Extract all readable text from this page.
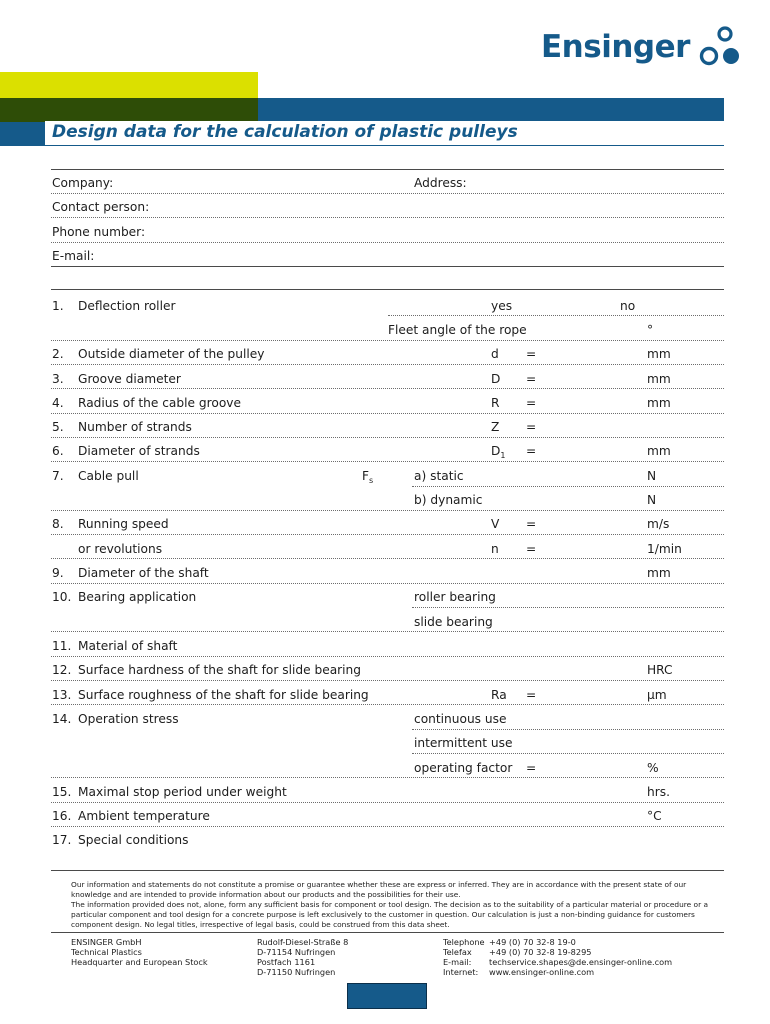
Ensinger
Design data for the calculation of plastic pulleys
Company:	Address:
Contact person:
Phone number:
E-mail:
1. Deflection roller	yes	no
Fleet angle of the rope	°
2. Outside diameter of the pulley	d =	mm
3. Groove diameter	D =	mm
4. Radius of the cable groove	R =	mm
5. Number of strands	Z =
6. Diameter of strands	$D_1$ =	mm
7. Cable pull	$F_s$	a) static	N
b) dynamic	N
8. Running speed	V =	m/s
or revolutions	n =	1/min
9. Diameter of the shaft	mm
10. Bearing application	roller bearing
slide bearing
11. Material of shaft
12. Surface hardness of the shaft for slide bearing	HRC
13. Surface roughness of the shaft for slide bearing	Ra =	µm
14. Operation stress	continuous use
intermittent use
operating factor =	%
15. Maximal stop period under weight	hrs.
16. Ambient temperature	°C
17. Special conditions

Our information and statements do not constitute a promise or guarantee whether these are express or inferred. They are in accordance with the present state of our knowledge and are intended to provide information about our products and the possibilities for their use.

The information provided does not, alone, form any sufficient basis for component or tool design. The decision as to the suitability of a particular material or procedure or a particular component and tool design for a concrete purpose is left exclusively to the customer in question. Our calculation is just a non-binding guidance for customers component design. No legal titles, irrespective of legal basis, could be construed from this data sheet.

ENSINGER GmbH
Technical Plastics
Headquarter and European Stock
Rudolf-Diesel-Straße 8
D-71154 Nufringen
Postfach 1161
D-71150 Nufringen
Telephone +49 (0) 70 32-8 19-0
Telefax +49 (0) 70 32-8 19-8295
E-mail: techservice.shapes@de.ensinger-online.com
Internet: www.ensinger-online.com
